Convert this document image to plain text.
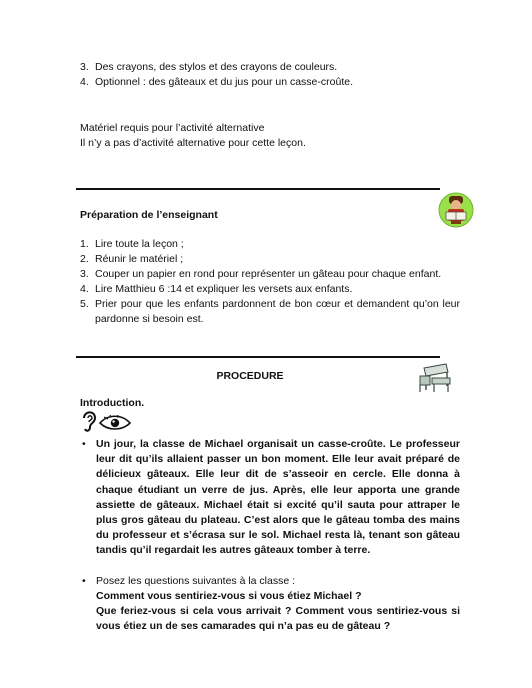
3. Des crayons, des stylos et des crayons de couleurs.
4. Optionnel : des gâteaux et du jus pour un casse-croûte.
Matériel requis pour l’activité alternative
Il n’y a pas d’activité alternative pour cette leçon.
Préparation de l’enseignant
1. Lire toute la leçon ;
2. Réunir le matériel ;
3. Couper un papier en rond pour représenter un gâteau pour chaque enfant.
4. Lire Matthieu 6 :14 et expliquer les versets aux enfants.
5. Prier pour que les enfants pardonnent de bon cœur et demandent qu’on leur pardonne si besoin est.
PROCEDURE
Introduction.
• Un jour, la classe de Michael organisait un casse-croûte. Le professeur leur dit qu’ils allaient passer un bon moment. Elle leur avait préparé de délicieux gâteaux. Elle leur dit de s’asseoir en cercle. Elle donna à chaque étudiant un verre de jus. Après, elle leur apporta une grande assiette de gâteaux. Michael était si excité qu’il sauta pour attraper le plus gros gâteau du plateau. C’est alors que le gâteau tomba des mains du professeur et s’écrasa sur le sol. Michael resta là, tenant son gâteau tandis qu’il regardait les autres gâteaux tomber à terre.
• Posez les questions suivantes à la classe :
Comment vous sentiriez-vous si vous étiez Michael ?
Que feriez-vous si cela vous arrivait ? Comment vous sentiriez-vous si vous étiez un de ses camarades qui n’a pas eu de gâteau ?
